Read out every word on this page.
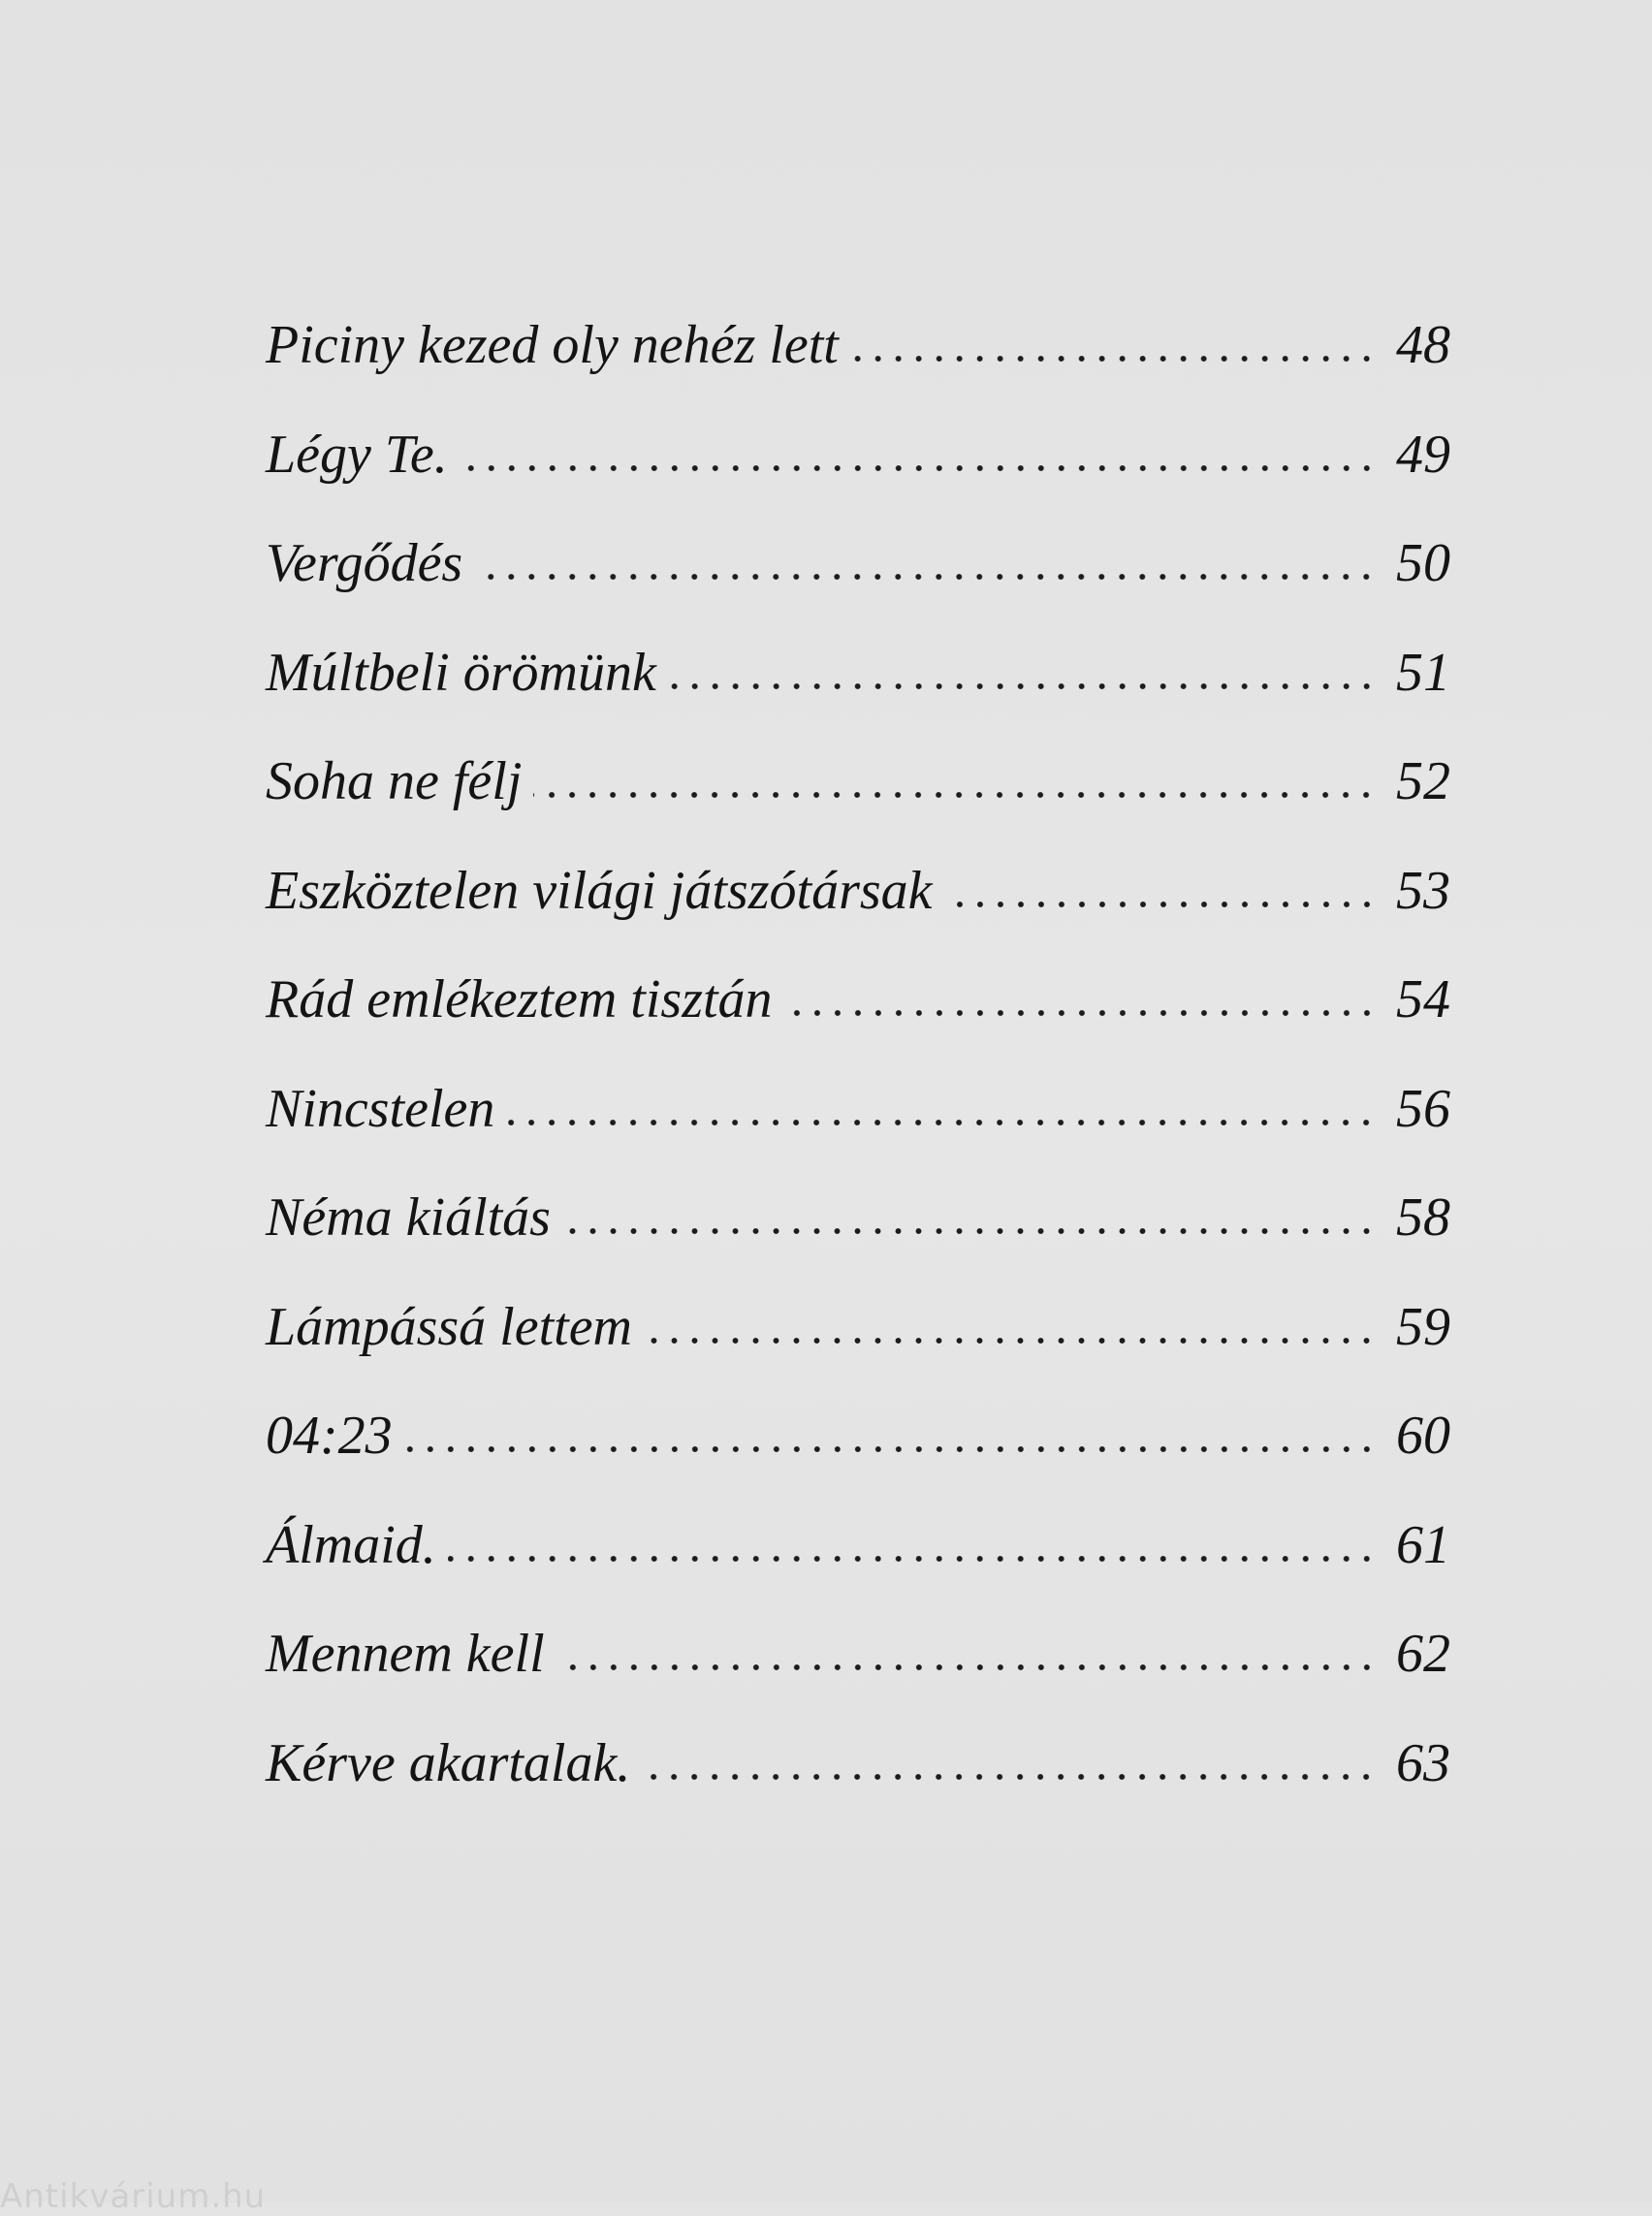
Piciny kezed oly nehéz lett	48
Légy Te.	49
Vergődés	50
Múltbeli örömünk	51
Soha ne félj	52
Eszköztelen világi játszótársak	53
Rád emlékeztem tisztán	54
Nincstelen	56
Néma kiáltás	58
Lámpássá lettem	59
04:23	60
Álmaid.	61
Mennem kell	62
Kérve akartalak.	63
Antikvárium.hu
